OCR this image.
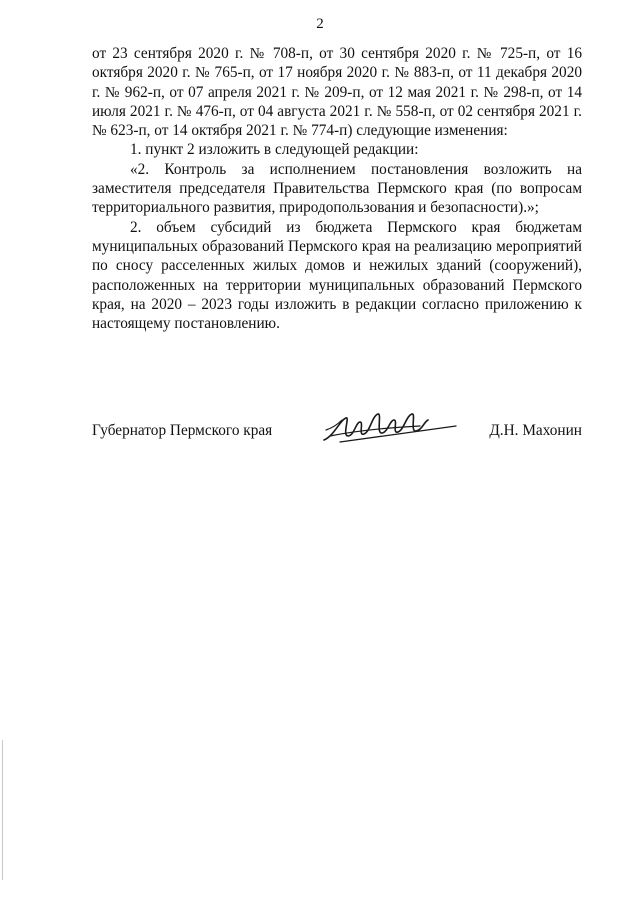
2

от 23 сентября 2020 г. № 708-п, от 30 сентября 2020 г. № 725-п, от 16 октября 2020 г. № 765-п, от 17 ноября 2020 г. № 883-п, от 11 декабря 2020 г. № 962-п, от 07 апреля 2021 г. № 209-п, от 12 мая 2021 г. № 298-п, от 14 июля 2021 г. № 476-п, от 04 августа 2021 г. № 558-п, от 02 сентября 2021 г. № 623-п, от 14 октября 2021 г. № 774-п) следующие изменения:

1. пункт 2 изложить в следующей редакции:

«2. Контроль за исполнением постановления возложить на заместителя председателя Правительства Пермского края (по вопросам территориального развития, природопользования и безопасности).»;

2. объем субсидий из бюджета Пермского края бюджетам муниципальных образований Пермского края на реализацию мероприятий по сносу расселенных жилых домов и нежилых зданий (сооружений), расположенных на территории муниципальных образований Пермского края, на 2020 – 2023 годы изложить в редакции согласно приложению к настоящему постановлению.

Губернатор Пермского края	Д.Н. Махонин
